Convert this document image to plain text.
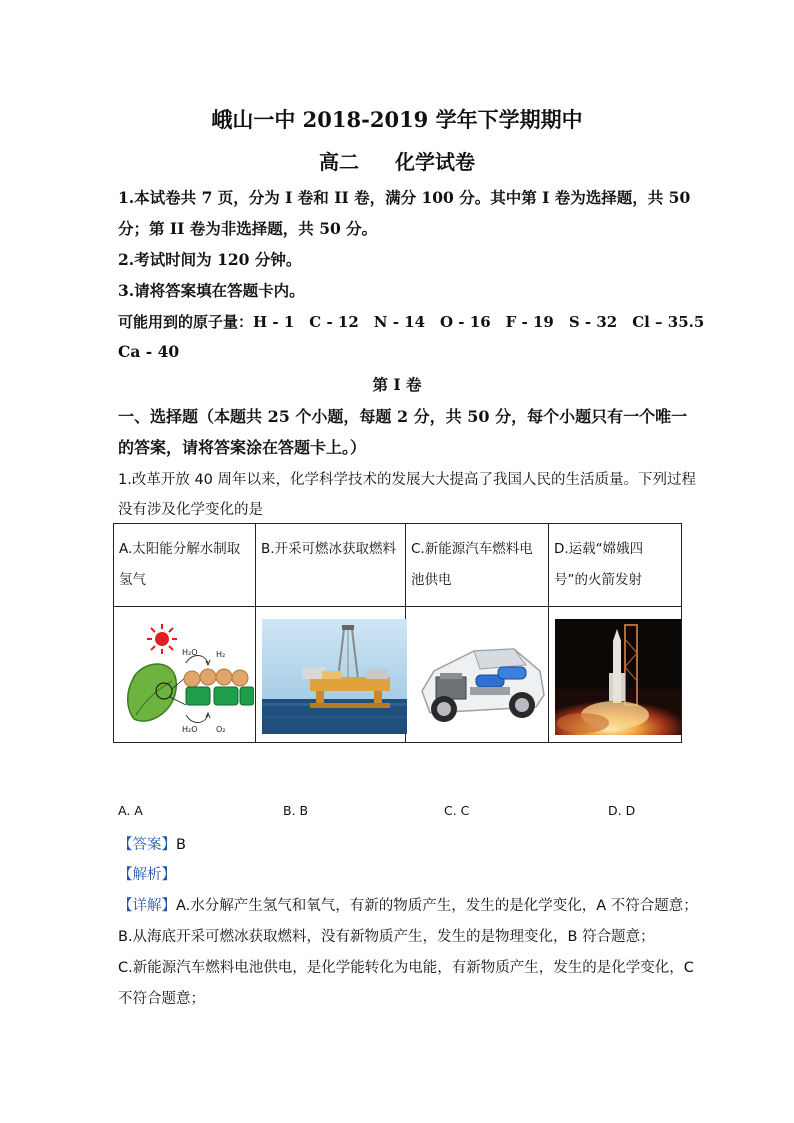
峨山一中 2018-2019 学年下学期期中
高二 化学试卷
1.本试卷共 7 页，分为 I 卷和 II 卷，满分 100 分。其中第 I 卷为选择题，共 50
分；第 II 卷为非选择题，共 50 分。
2.考试时间为 120 分钟。
3.请将答案填在答题卡内。
可能用到的原子量：H - 1　C - 12　N - 14　O - 16　F - 19　S - 32　Cl – 35.5
Ca - 40
第 I 卷
一、选择题（本题共 25 个小题，每题 2 分，共 50 分，每个小题只有一个唯一
的答案，请将答案涂在答题卡上。）
1.改革开放 40 周年以来，化学科学技术的发展大大提高了我国人民的生活质量。下列过程
没有涉及化学变化的是
A.太阳能分解水制取氢气	B.开采可燃冰获取燃料	C.新能源汽车燃料电池供电	D.运载“嫦娥四号”的火箭发射

H₂O H₂
H₂O O₂

A. A	B. B	C. C	D. D
【答案】B
【解析】
【详解】A.水分解产生氢气和氧气，有新的物质产生，发生的是化学变化，A 不符合题意；
B.从海底开采可燃冰获取燃料，没有新物质产生，发生的是物理变化，B 符合题意；
C.新能源汽车燃料电池供电，是化学能转化为电能，有新物质产生，发生的是化学变化，C
不符合题意；
